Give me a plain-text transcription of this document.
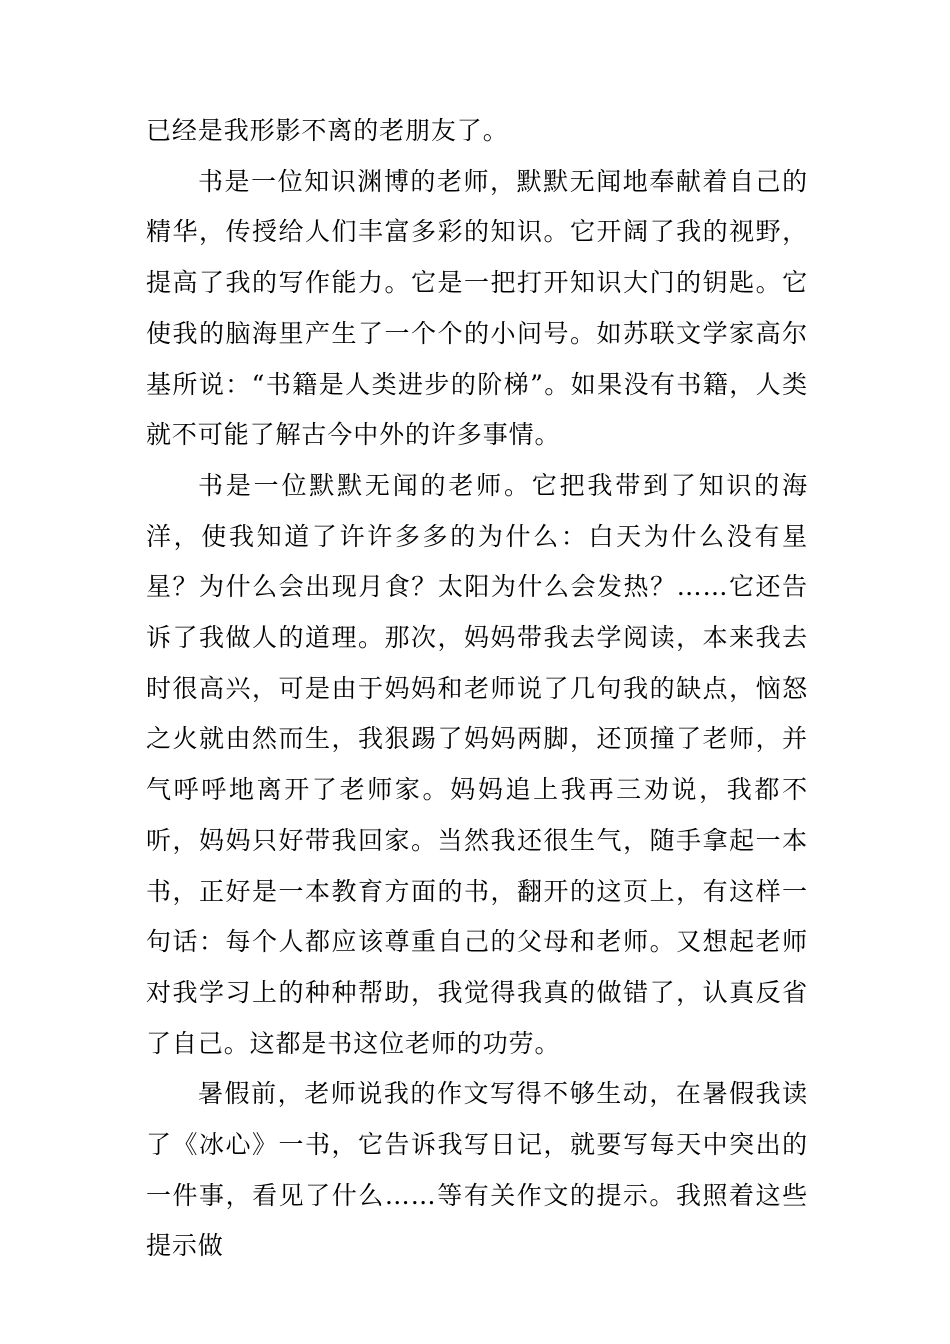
已经是我形影不离的老朋友了。

书是一位知识渊博的老师，默默无闻地奉献着自己的精华，传授给人们丰富多彩的知识。它开阔了我的视野，提高了我的写作能力。它是一把打开知识大门的钥匙。它使我的脑海里产生了一个个的小问号。如苏联文学家高尔基所说：“书籍是人类进步的阶梯”。如果没有书籍，人类就不可能了解古今中外的许多事情。

书是一位默默无闻的老师。它把我带到了知识的海洋，使我知道了许许多多的为什么：白天为什么没有星星？为什么会出现月食？太阳为什么会发热？……它还告诉了我做人的道理。那次，妈妈带我去学阅读，本来我去时很高兴，可是由于妈妈和老师说了几句我的缺点，恼怒之火就由然而生，我狠踢了妈妈两脚，还顶撞了老师，并气呼呼地离开了老师家。妈妈追上我再三劝说，我都不听，妈妈只好带我回家。当然我还很生气，随手拿起一本书，正好是一本教育方面的书，翻开的这页上，有这样一句话：每个人都应该尊重自己的父母和老师。又想起老师对我学习上的种种帮助，我觉得我真的做错了，认真反省了自己。这都是书这位老师的功劳。

暑假前，老师说我的作文写得不够生动，在暑假我读了《冰心》一书，它告诉我写日记，就要写每天中突出的一件事，看见了什么……等有关作文的提示。我照着这些提示做
